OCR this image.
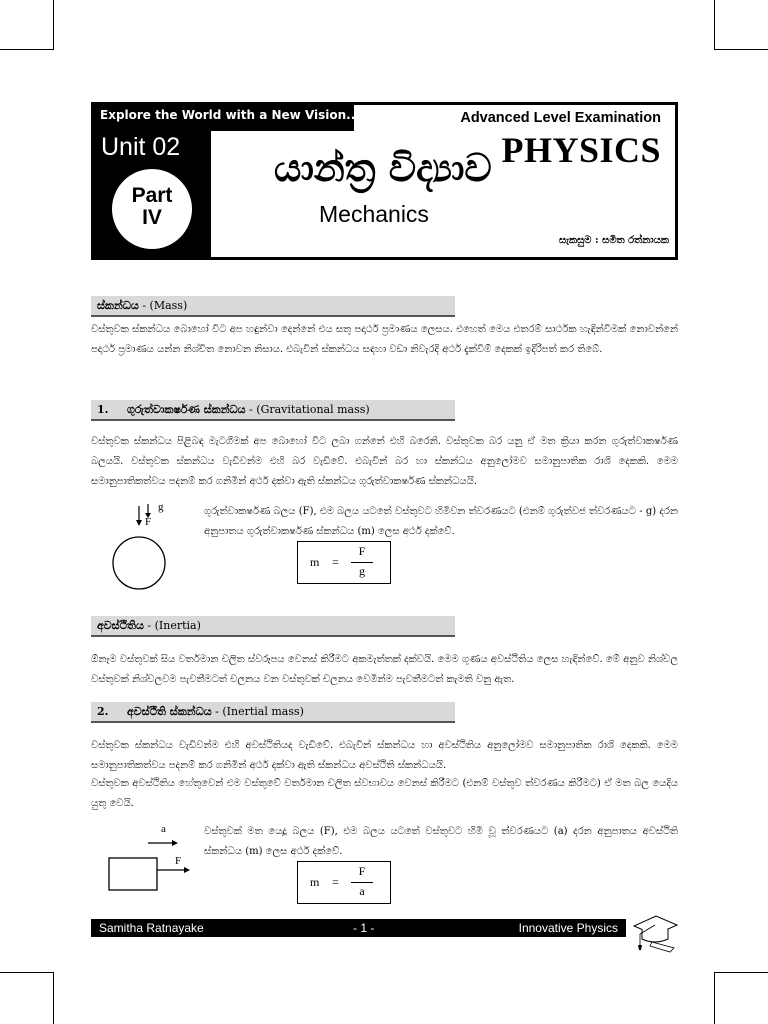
Explore the World with a New Vision...
Unit 02
Part
IV
Advanced Level Examination
PHYSICS
යාන්ත්‍ර විද්‍යාව
Mechanics
සැකසුම : සමිත රත්නායක
ස්කන්ධය - (Mass)
වස්තුවක ස්කන්ධය බොහෝ විට අප හඳුන්වා දෙන්නේ එය සතු පදාර්ථ ප්‍රමාණය ලෙසය. එහෙත් මෙය එතරම් සාර්ථක හැඳින්වීමක් නොවන්නේ පදාර්ථ ප්‍රමාණය යන්න නිශ්චිත නොවන නිසාය. එබැවින් ස්කන්ධය සඳහා වඩා නිවැරදි අර්ථ දැක්වීම් දෙකක් ඉදිරිපත් කර තිබේ.
1. ගුරුත්වාකර්ෂණ ස්කන්ධය - (Gravitational mass)
වස්තුවක ස්කන්ධය පිළිබඳ මැටගීමක් අප බොහෝ විට ලබා ගන්නේ එහි බරෙනි. වස්තුවක බර යනු ඒ මත ක්‍රියා කරන ගුරුත්වාකර්ෂණ බලයයි. වස්තුවක ස්කන්ධය වැඩිවන්ම එහි බර වැඩිවේ. එබැවින් බර හා ස්කන්ධය අනුලෝමව සමානුපාතික රාශි දෙකකි. මෙම සමානුපාතිකත්වය පදනම් කර ගනිමින් අර්ථ දක්වා ඇති ස්කන්ධය ගුරුත්වාකර්ෂණ ස්කන්ධයයි.
g
F
ගුරුත්වාකර්ෂණ බලය (F), එම බලය යටතේ වස්තුවට හිමිවන ත්වරණයට (එනම් ගුරුත්වජ ත්වරණයට - g) දරන අනුපාතය ගුරුත්වාකර්ෂණ ස්කන්ධය (m) ලෙස අර්ථ දක්වේ.
m =
F
g
අවස්ථිතිය - (Inertia)
ඕනෑම වස්තුවක් සිය වර්තමාන චලිත ස්වරූපය වෙනස් කිරීමට අකමැත්තක් දක්වයි. මෙම ගුණය අවස්ථිතිය ලෙස හැඳින්වේ. මේ අනුව නිශ්චල වස්තුවක් නිශ්චලවම පැවතීමටත් චලනය වන වස්තුවක් චලනය වෙමින්ම පැවතීමටත් කැමති වනු ඇත.
2. අවස්ථිති ස්කන්ධය - (Inertial mass)
වස්තුවක ස්කන්ධය වැඩිවන්ම එහි අවස්ථිතියද වැඩිවේ. එබැවින් ස්කන්ධය හා අවස්ථිතිය අනුලෝමව සමානුපාතික රාශි දෙකකි. මෙම සමානුපාතිකත්වය පදනම් කර ගනිමින් අර්ථ දක්වා ඇති ස්කන්ධය අවස්ථිති ස්කන්ධයයි.
වස්තුවක අවස්ථිතිය හේතුවෙන් එම වස්තුවේ වර්තමාන චලිත ස්වභාවය වෙනස් කිරීමට (එනම් වස්තුව ත්වරණය කිරීමට) ඒ මත බල යෙදිය යුතු වෙයි.
a
F
වස්තුවක් මත යෙදූ බලය (F), එම බලය යටතේ වස්තුවට හිමි වූ ත්වරණයට (a) දරන අනුපාතය අවස්ථිති ස්කන්ධය (m) ලෙස අර්ථ දක්වේ.
m =
F
a
Samitha Ratnayake	- 1 -	Innovative Physics
